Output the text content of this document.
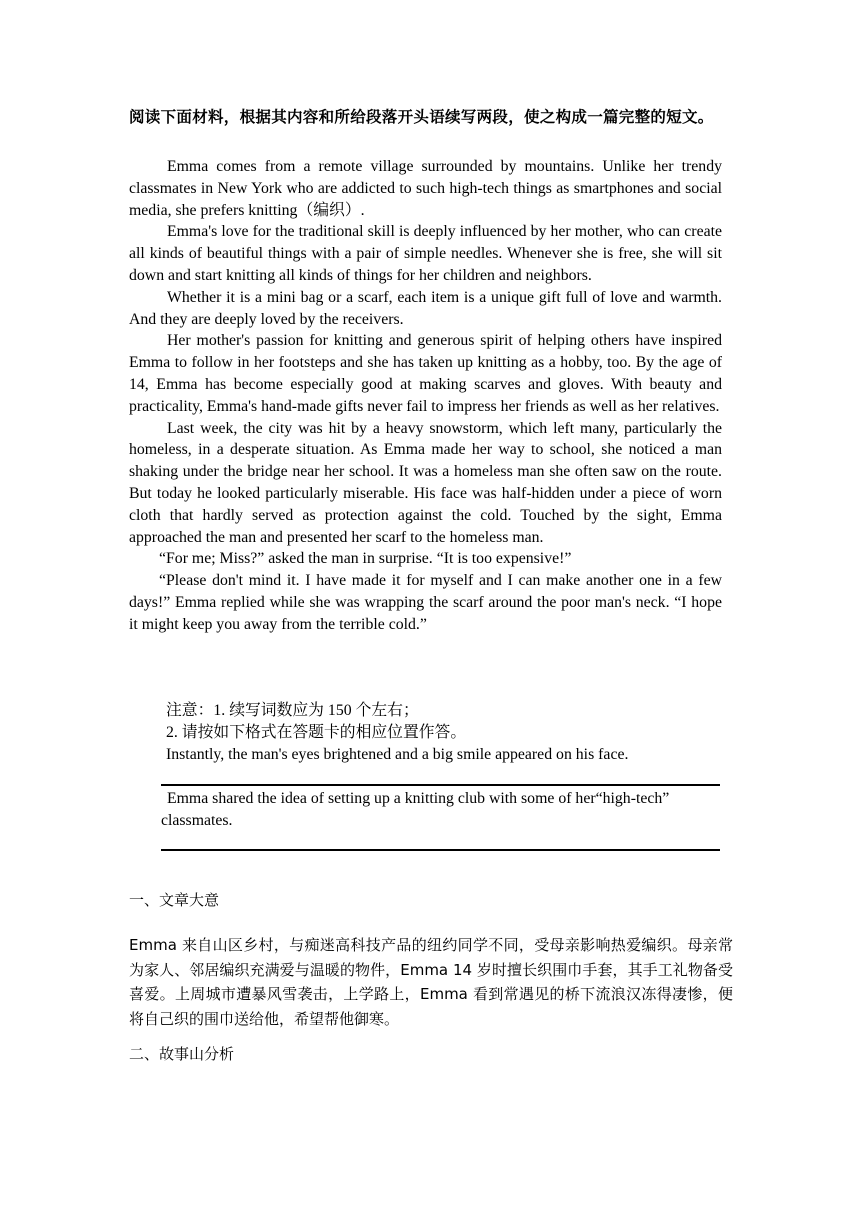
阅读下面材料，根据其内容和所给段落开头语续写两段，使之构成一篇完整的短文。

Emma comes from a remote village surrounded by mountains. Unlike her trendy classmates in New York who are addicted to such high-tech things as smartphones and social media, she prefers knitting（编织）.

Emma's love for the traditional skill is deeply influenced by her mother, who can create all kinds of beautiful things with a pair of simple needles. Whenever she is free, she will sit down and start knitting all kinds of things for her children and neighbors.

Whether it is a mini bag or a scarf, each item is a unique gift full of love and warmth. And they are deeply loved by the receivers.

Her mother's passion for knitting and generous spirit of helping others have inspired Emma to follow in her footsteps and she has taken up knitting as a hobby, too. By the age of 14, Emma has become especially good at making scarves and gloves. With beauty and practicality, Emma's hand-made gifts never fail to impress her friends as well as her relatives.

Last week, the city was hit by a heavy snowstorm, which left many, particularly the homeless, in a desperate situation. As Emma made her way to school, she noticed a man shaking under the bridge near her school. It was a homeless man she often saw on the route. But today he looked particularly miserable. His face was half-hidden under a piece of worn cloth that hardly served as protection against the cold. Touched by the sight, Emma approached the man and presented her scarf to the homeless man.

“For me; Miss?” asked the man in surprise. “It is too expensive!”

“Please don't mind it. I have made it for myself and I can make another one in a few days!” Emma replied while she was wrapping the scarf around the poor man's neck. “I hope it might keep you away from the terrible cold.”

注意：1. 续写词数应为 150 个左右；
2. 请按如下格式在答题卡的相应位置作答。
Instantly, the man's eyes brightened and a big smile appeared on his face.
Emma shared the idea of setting up a knitting club with some of her“high-tech” classmates.
一、文章大意
Emma 来自山区乡村，与痴迷高科技产品的纽约同学不同，受母亲影响热爱编织。母亲常为家人、邻居编织充满爱与温暖的物件，Emma 14 岁时擅长织围巾手套，其手工礼物备受喜爱。上周城市遭暴风雪袭击，上学路上，Emma 看到常遇见的桥下流浪汉冻得凄惨，便将自己织的围巾送给他，希望帮他御寒。
二、故事山分析
